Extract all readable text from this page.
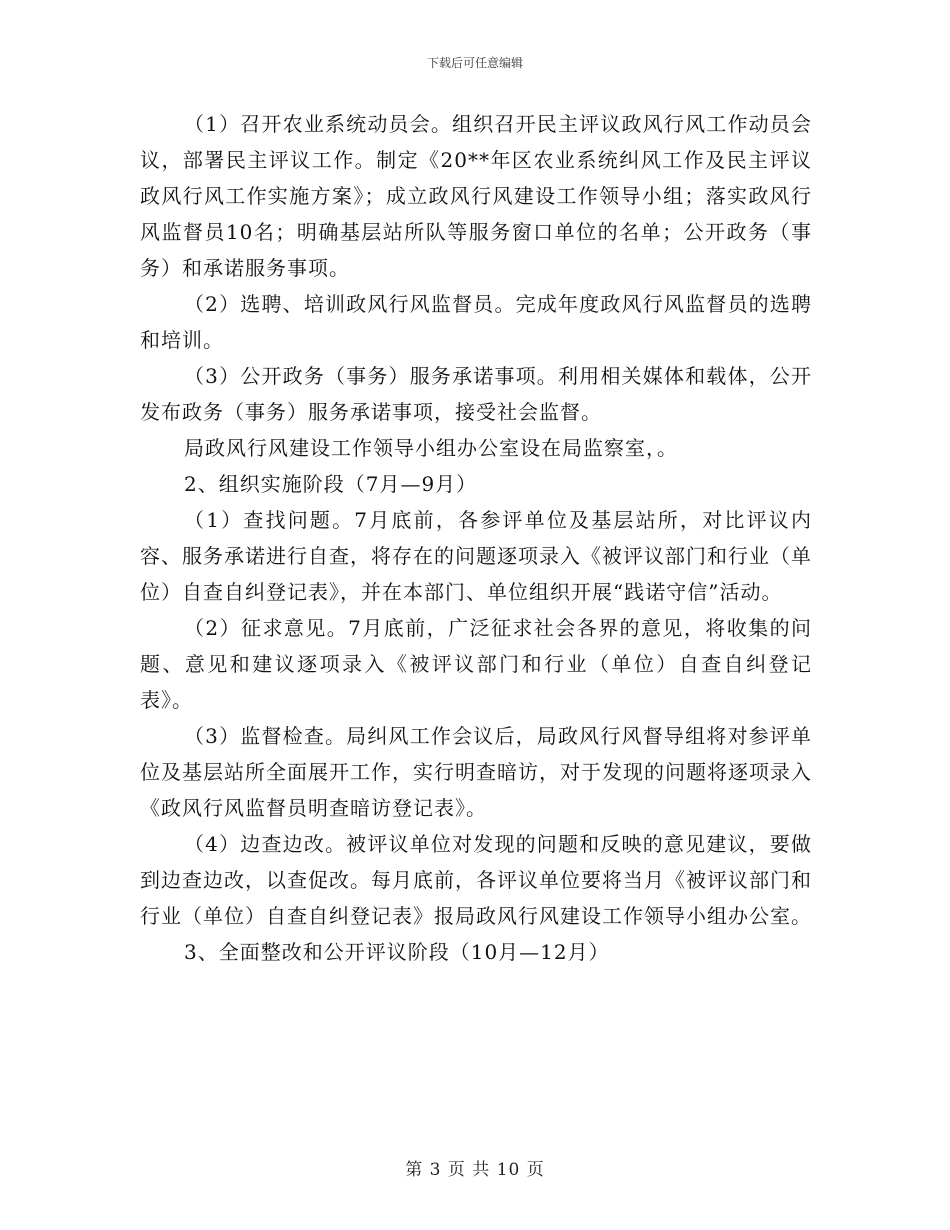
下载后可任意编辑

（1）召开农业系统动员会。组织召开民主评议政风行风工作动员会议，部署民主评议工作。制定《20**年区农业系统纠风工作及民主评议政风行风工作实施方案》；成立政风行风建设工作领导小组；落实政风行风监督员10名；明确基层站所队等服务窗口单位的名单；公开政务（事务）和承诺服务事项。

（2）选聘、培训政风行风监督员。完成年度政风行风监督员的选聘和培训。

（3）公开政务（事务）服务承诺事项。利用相关媒体和载体，公开发布政务（事务）服务承诺事项，接受社会监督。

局政风行风建设工作领导小组办公室设在局监察室，。

2、组织实施阶段（7月—9月）

（1）查找问题。7月底前，各参评单位及基层站所，对比评议内容、服务承诺进行自查，将存在的问题逐项录入《被评议部门和行业（单位）自查自纠登记表》，并在本部门、单位组织开展“践诺守信”活动。

（2）征求意见。7月底前，广泛征求社会各界的意见，将收集的问题、意见和建议逐项录入《被评议部门和行业（单位）自查自纠登记表》。

（3）监督检查。局纠风工作会议后，局政风行风督导组将对参评单位及基层站所全面展开工作，实行明查暗访，对于发现的问题将逐项录入《政风行风监督员明查暗访登记表》。

（4）边查边改。被评议单位对发现的问题和反映的意见建议，要做到边查边改，以查促改。每月底前，各评议单位要将当月《被评议部门和行业（单位）自查自纠登记表》报局政风行风建设工作领导小组办公室。

3、全面整改和公开评议阶段（10月—12月）

第 3 页 共 10 页
